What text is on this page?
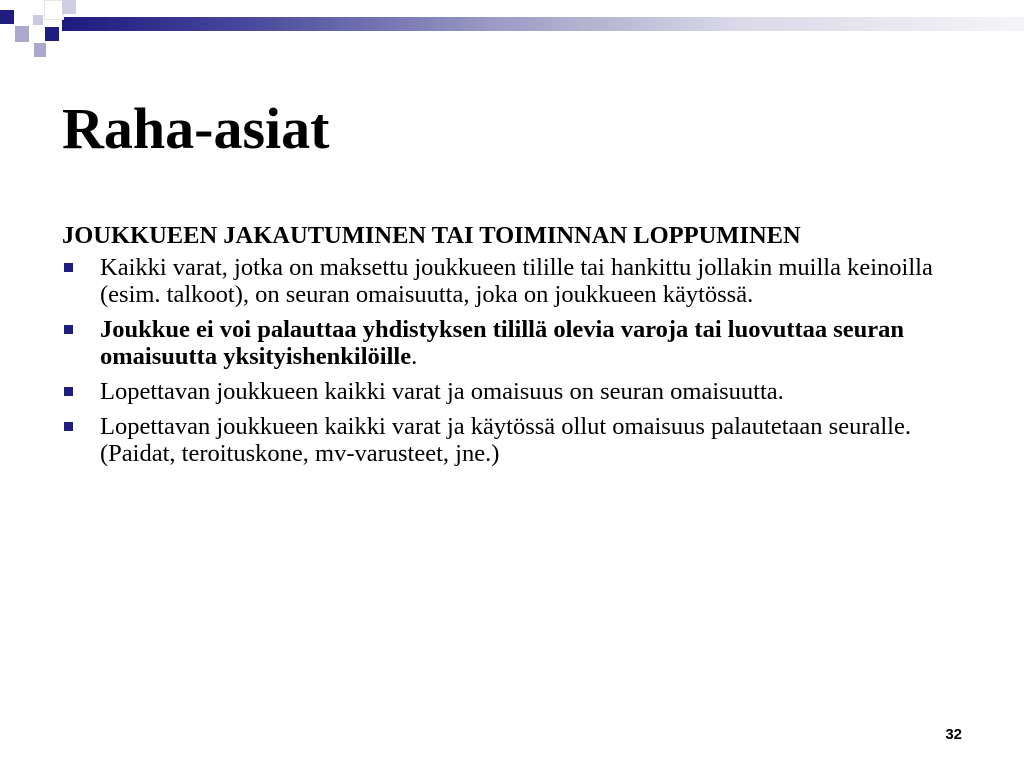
Raha-asiat

JOUKKUEEN JAKAUTUMINEN TAI TOIMINNAN LOPPUMINEN

Kaikki varat, jotka on maksettu joukkueen tilille tai hankittu jollakin muilla keinoilla (esim. talkoot), on seuran omaisuutta, joka on joukkueen käytössä.
Joukkue ei voi palauttaa yhdistyksen tilillä olevia varoja tai luovuttaa seuran omaisuutta yksityishenkilöille.
Lopettavan joukkueen kaikki varat ja omaisuus on seuran omaisuutta.
Lopettavan joukkueen kaikki varat ja käytössä ollut omaisuus palautetaan seuralle. (Paidat, teroituskone, mv-varusteet, jne.)
32
